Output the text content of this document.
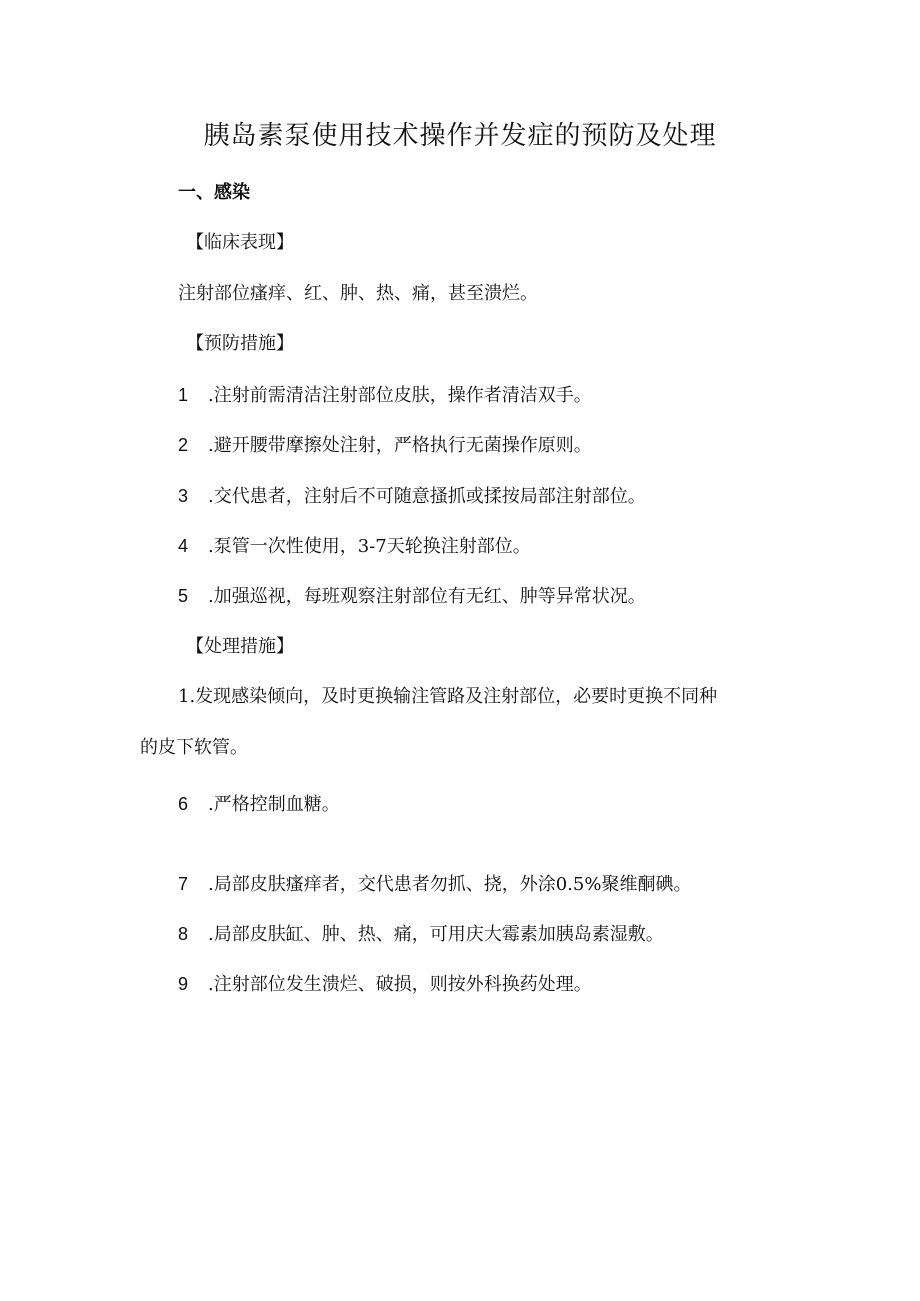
胰岛素泵使用技术操作并发症的预防及处理
一、感染
【临床表现】
注射部位瘙痒、红、肿、热、痛，甚至溃烂。
【预防措施】
1 .注射前需清洁注射部位皮肤，操作者清洁双手。
2 .避开腰带摩擦处注射，严格执行无菌操作原则。
3 .交代患者，注射后不可随意搔抓或揉按局部注射部位。
4 .泵管一次性使用，3-7天轮换注射部位。
5 .加强巡视，每班观察注射部位有无红、肿等异常状况。
【处理措施】
1.发现感染倾向，及时更换输注管路及注射部位，必要时更换不同种
的皮下软管。
6 .严格控制血糖。
7 .局部皮肤瘙痒者，交代患者勿抓、挠，外涂0.5%聚维酮碘。
8 .局部皮肤缸、肿、热、痛，可用庆大霉素加胰岛素湿敷。
9 .注射部位发生溃烂、破损，则按外科换药处理。
